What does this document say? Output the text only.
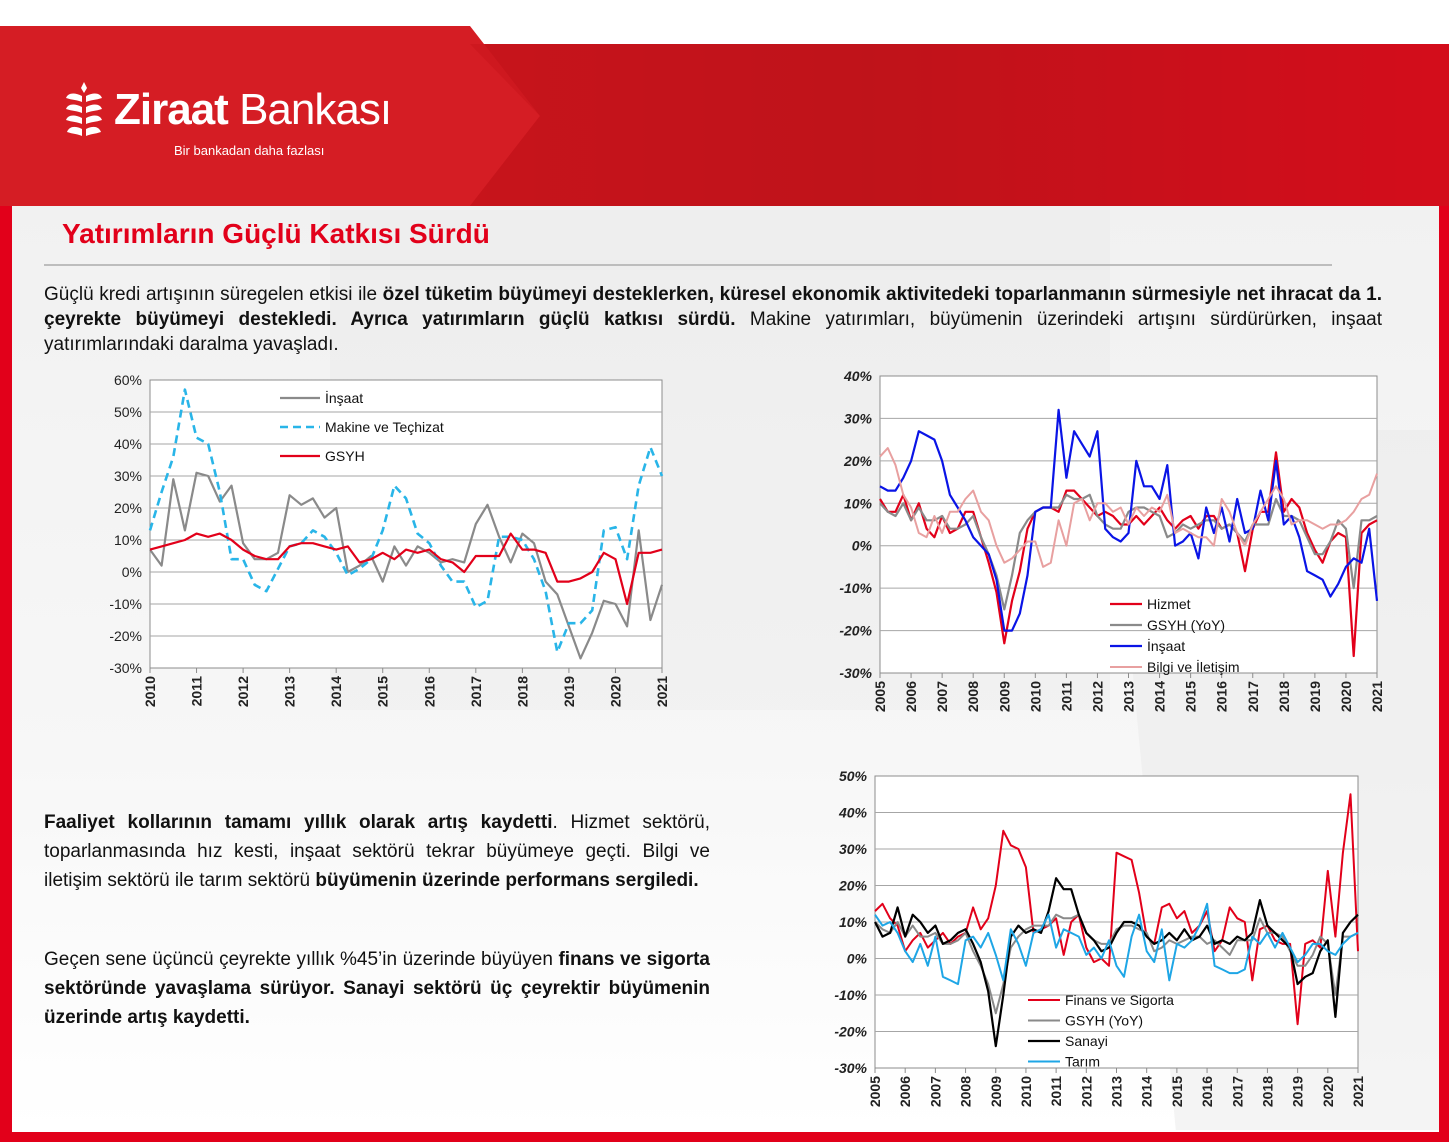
Ziraat Bankası
Bir bankadan daha fazlası
Yatırımların Güçlü Katkısı Sürdü
Güçlü kredi artışının süregelen etkisi ile özel tüketim büyümeyi desteklerken, küresel ekonomik aktivitedeki toparlanmanın sürmesiyle net ihracat da 1. çeyrekte büyümeyi destekledi. Ayrıca yatırımların güçlü katkısı sürdü. Makine yatırımları, büyümenin üzerindeki artışını sürdürürken, inşaat yatırımlarındaki daralma yavaşladı.
Faaliyet kollarının tamamı yıllık olarak artış kaydetti. Hizmet sektörü, toparlanmasında hız kesti, inşaat sektörü tekrar büyümeye geçti. Bilgi ve iletişim sektörü ile tarım sektörü büyümenin üzerinde performans sergiledi.
Geçen sene üçüncü çeyrekte yıllık %45’in üzerinde büyüyen finans ve sigorta sektöründe yavaşlama sürüyor. Sanayi sektörü üç çeyrektir büyümenin üzerinde artış kaydetti.
-30%
-20%
-10%
0%
10%
20%
30%
40%
50%
60%
2010 2011 2012 2013 2014 2015 2016 2017 2018 2019 2020 2021
İnşaat
Makine ve Teçhizat
GSYH
-30%
-20%
-10%
0%
10%
20%
30%
40%
2005 2006 2007 2008 2009 2010 2011 2012 2013 2014 2015 2016 2017 2018 2019 2020 2021
Hizmet
GSYH (YoY)
İnşaat
Bilgi ve İletişim
-30%
-20%
-10%
0%
10%
20%
30%
40%
50%
2005 2006 2007 2008 2009 2010 2011 2012 2013 2014 2015 2016 2017 2018 2019 2020 2021
Finans ve Sigorta
GSYH (YoY)
Sanayi
Tarım
